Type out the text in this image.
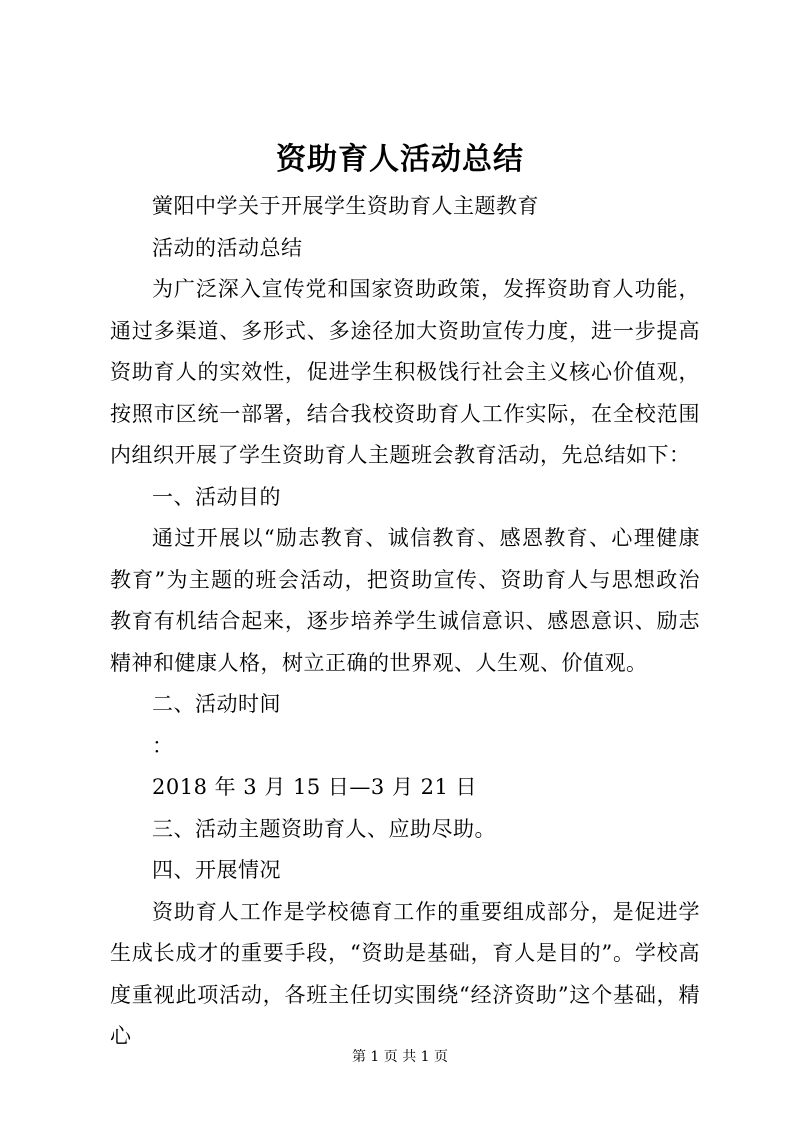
资助育人活动总结

黉阳中学关于开展学生资助育人主题教育

活动的活动总结

为广泛深入宣传党和国家资助政策，发挥资助育人功能，通过多渠道、多形式、多途径加大资助宣传力度，进一步提高资助育人的实效性，促进学生积极饯行社会主义核心价值观，按照市区统一部署，结合我校资助育人工作实际，在全校范围内组织开展了学生资助育人主题班会教育活动，先总结如下：

一、活动目的

通过开展以“励志教育、诚信教育、感恩教育、心理健康教育”为主题的班会活动，把资助宣传、资助育人与思想政治教育有机结合起来，逐步培养学生诚信意识、感恩意识、励志精神和健康人格，树立正确的世界观、人生观、价值观。

二、活动时间

：

2018 年 3 月 15 日—3 月 21 日

三、活动主题资助育人、应助尽助。

四、开展情况

资助育人工作是学校德育工作的重要组成部分，是促进学生成长成才的重要手段，“资助是基础，育人是目的”。学校高度重视此项活动，各班主任切实围绕“经济资助”这个基础，精心

第 1 页 共 1 页
